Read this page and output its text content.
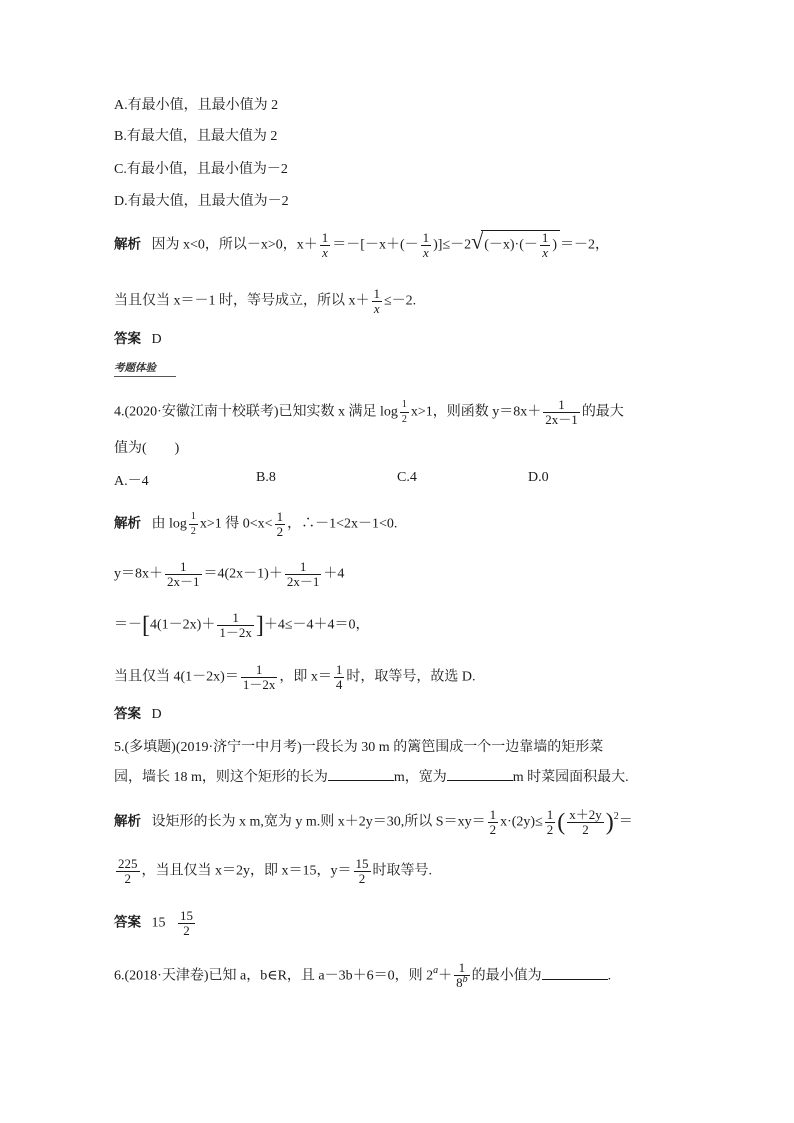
A.有最小值，且最小值为 2
B.有最大值，且最大值为 2
C.有最小值，且最小值为－2
D.有最大值，且最大值为－2
解析 因为 x<0，所以－x>0，$x+ \frac{1}{x} =-[-x+(- \frac{1}{x} )]\le-2√(-x)\cdot(- \frac{1}{x}$ ) ＝－2，
当且仅当 x＝－1 时，等号成立，所以 $x+ \frac{1}{x} \le-2$.
答案 D
考题体验
4.(2020·安徽江南十校联考)已知实数 x 满足 $\log \frac{1}{2} x>1$，则函数 $y=8x+ \frac{1}{2x-1}$ 的最大
值为(　　)
A.－4	B.8	C.4	D.0
解析 由 $\log \frac{1}{2} x>1$ 得 $0<x< \frac{1}{2}$ ，∴－1<2x－1<0.
$y=8x+ \frac{1}{2x-1} =4(2x-1)+ \frac{1}{2x-1} +4$
$=-[4(1-2x)+ \frac{1}{1-2x} ]+4\le-4+4=0$，
当且仅当 $4(1-2x)= \frac{1}{1-2x}$ ，即 $x= \frac{1}{4}$ 时，取等号，故选 D.
答案 D
5.(多填题)(2019·济宁一中月考)一段长为 30 m 的篱笆围成一个一边靠墙的矩形菜
园，墙长 18 m，则这个矩形的长为	m，宽为	m 时菜园面积最大.
解析 设矩形的长为 x m,宽为 y m.则 x＋2y＝30,所以 $S=xy= \frac{1}{2} x\cdot(2y)\le \frac{1}{2}$ ( $\frac{x+2y}{2} )^2=$
$\frac{225}{2}$ ，当且仅当 x＝2y，即 x＝15，$y= \frac{15}{2}$ 时取等号.
答案 $15 \frac{15}{2}$
6.(2018·天津卷)已知 a，b∈R，且 a－3b＋6＝0，则 $2^a+ \frac{1}{8^b}$ 的最小值为	.
